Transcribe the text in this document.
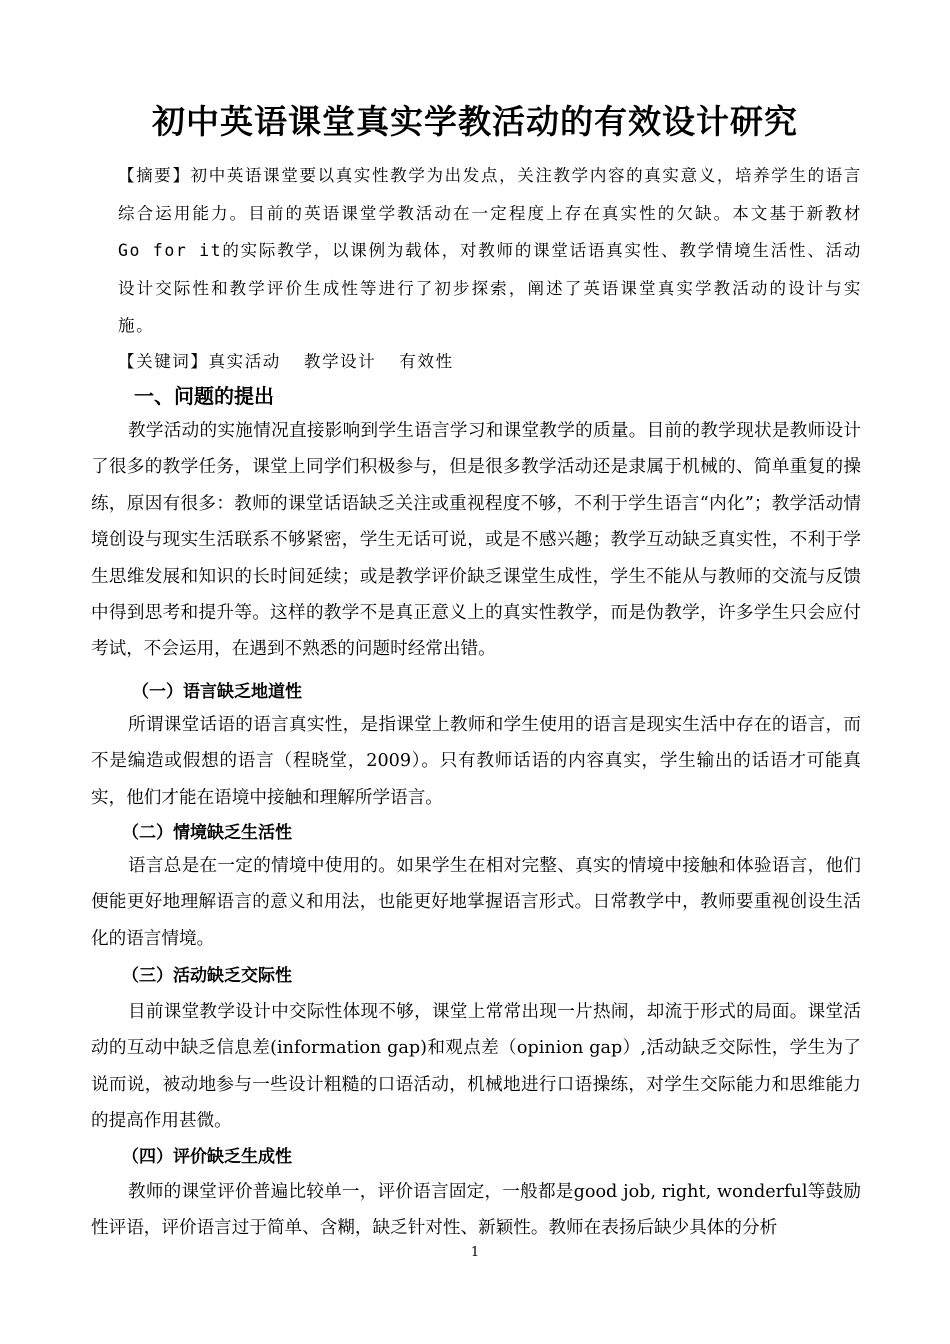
初中英语课堂真实学教活动的有效设计研究
【摘要】初中英语课堂要以真实性教学为出发点，关注教学内容的真实意义，培养学生的语言综合运用能力。目前的英语课堂学教活动在一定程度上存在真实性的欠缺。本文基于新教材Go for it的实际教学，以课例为载体，对教师的课堂话语真实性、教学情境生活性、活动设计交际性和教学评价生成性等进行了初步探索，阐述了英语课堂真实学教活动的设计与实施。
【关键词】真实活动  教学设计  有效性
一、问题的提出
教学活动的实施情况直接影响到学生语言学习和课堂教学的质量。目前的教学现状是教师设计了很多的教学任务，课堂上同学们积极参与，但是很多教学活动还是隶属于机械的、简单重复的操练，原因有很多：教师的课堂话语缺乏关注或重视程度不够，不利于学生语言“内化”；教学活动情境创设与现实生活联系不够紧密，学生无话可说，或是不感兴趣；教学互动缺乏真实性，不利于学生思维发展和知识的长时间延续；或是教学评价缺乏课堂生成性，学生不能从与教师的交流与反馈中得到思考和提升等。这样的教学不是真正意义上的真实性教学，而是伪教学，许多学生只会应付考试，不会运用，在遇到不熟悉的问题时经常出错。
（一）语言缺乏地道性
所谓课堂话语的语言真实性，是指课堂上教师和学生使用的语言是现实生活中存在的语言，而不是编造或假想的语言（程晓堂，2009）。只有教师话语的内容真实，学生输出的话语才可能真实，他们才能在语境中接触和理解所学语言。
（二）情境缺乏生活性
语言总是在一定的情境中使用的。如果学生在相对完整、真实的情境中接触和体验语言，他们便能更好地理解语言的意义和用法，也能更好地掌握语言形式。日常教学中，教师要重视创设生活化的语言情境。
（三）活动缺乏交际性
目前课堂教学设计中交际性体现不够，课堂上常常出现一片热闹，却流于形式的局面。课堂活动的互动中缺乏信息差(information gap)和观点差（opinion gap）,活动缺乏交际性，学生为了说而说，被动地参与一些设计粗糙的口语活动，机械地进行口语操练，对学生交际能力和思维能力的提高作用甚微。
（四）评价缺乏生成性
教师的课堂评价普遍比较单一，评价语言固定，一般都是good job, right, wonderful等鼓励性评语，评价语言过于简单、含糊，缺乏针对性、新颖性。教师在表扬后缺少具体的分析
1
